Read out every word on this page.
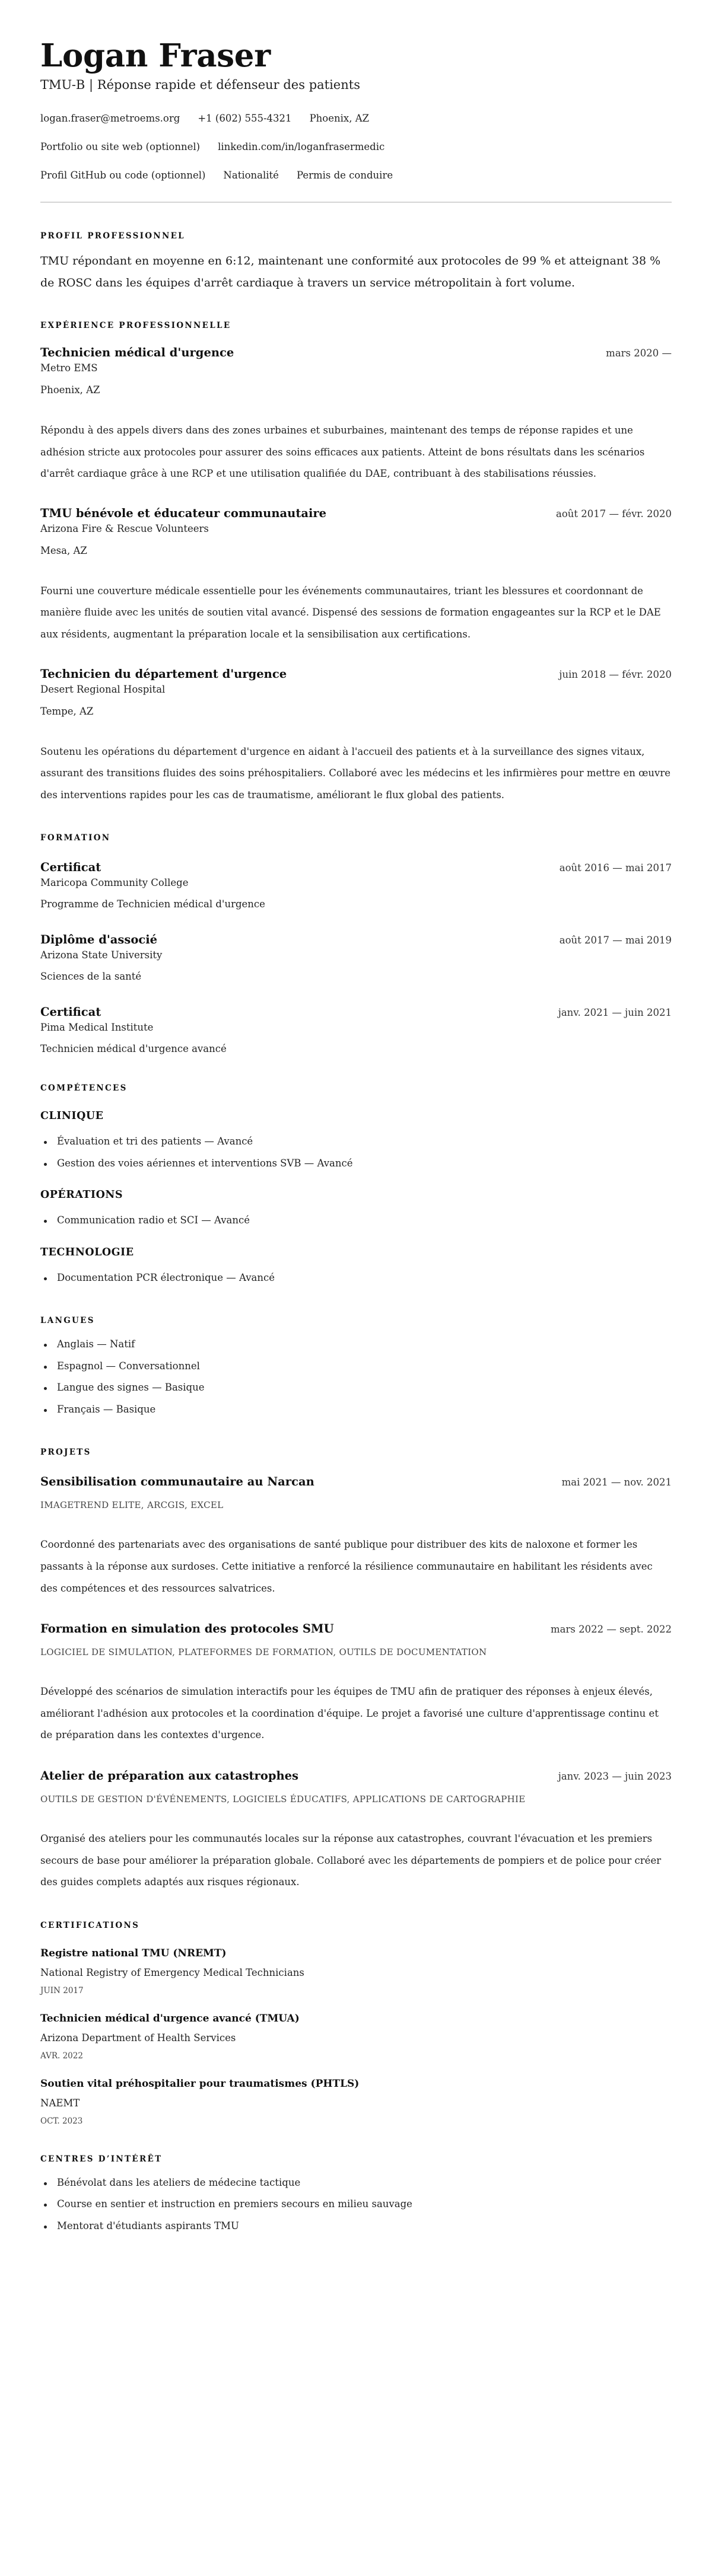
Logan Fraser
TMU-B | Réponse rapide et défenseur des patients
logan.fraser@metroems.org +1 (602) 555-4321 Phoenix, AZ
Portfolio ou site web (optionnel) linkedin.com/in/loganfrasermedic
Profil GitHub ou code (optionnel) Nationalité Permis de conduire
PROFIL PROFESSIONNEL

TMU répondant en moyenne en 6:12, maintenant une conformité aux protocoles de 99 % et atteignant 38 % de ROSC dans les équipes d'arrêt cardiaque à travers un service métropolitain à fort volume.

EXPÉRIENCE PROFESSIONNELLE
Technicien médical d'urgence	mars 2020 —
Metro EMS
Phoenix, AZ

Répondu à des appels divers dans des zones urbaines et suburbaines, maintenant des temps de réponse rapides et une adhésion stricte aux protocoles pour assurer des soins efficaces aux patients. Atteint de bons résultats dans les scénarios d'arrêt cardiaque grâce à une RCP et une utilisation qualifiée du DAE, contribuant à des stabilisations réussies.

TMU bénévole et éducateur communautaire	août 2017 — févr. 2020
Arizona Fire & Rescue Volunteers
Mesa, AZ

Fourni une couverture médicale essentielle pour les événements communautaires, triant les blessures et coordonnant de manière fluide avec les unités de soutien vital avancé. Dispensé des sessions de formation engageantes sur la RCP et le DAE aux résidents, augmentant la préparation locale et la sensibilisation aux certifications.

Technicien du département d'urgence	juin 2018 — févr. 2020
Desert Regional Hospital
Tempe, AZ

Soutenu les opérations du département d'urgence en aidant à l'accueil des patients et à la surveillance des signes vitaux, assurant des transitions fluides des soins préhospitaliers. Collaboré avec les médecins et les infirmières pour mettre en œuvre des interventions rapides pour les cas de traumatisme, améliorant le flux global des patients.

FORMATION
Certificat	août 2016 — mai 2017
Maricopa Community College
Programme de Technicien médical d'urgence
Diplôme d'associé	août 2017 — mai 2019
Arizona State University
Sciences de la santé
Certificat	janv. 2021 — juin 2021
Pima Medical Institute
Technicien médical d'urgence avancé
COMPÉTENCES
CLINIQUE
Évaluation et tri des patients — Avancé
Gestion des voies aériennes et interventions SVB — Avancé
OPÉRATIONS
Communication radio et SCI — Avancé
TECHNOLOGIE
Documentation PCR électronique — Avancé
LANGUES
Anglais — Natif
Espagnol — Conversationnel
Langue des signes — Basique
Français — Basique
PROJETS
Sensibilisation communautaire au Narcan	mai 2021 — nov. 2021
IMAGETREND ELITE, ARCGIS, EXCEL

Coordonné des partenariats avec des organisations de santé publique pour distribuer des kits de naloxone et former les passants à la réponse aux surdoses. Cette initiative a renforcé la résilience communautaire en habilitant les résidents avec des compétences et des ressources salvatrices.

Formation en simulation des protocoles SMU	mars 2022 — sept. 2022
LOGICIEL DE SIMULATION, PLATEFORMES DE FORMATION, OUTILS DE DOCUMENTATION

Développé des scénarios de simulation interactifs pour les équipes de TMU afin de pratiquer des réponses à enjeux élevés, améliorant l'adhésion aux protocoles et la coordination d'équipe. Le projet a favorisé une culture d'apprentissage continu et de préparation dans les contextes d'urgence.

Atelier de préparation aux catastrophes	janv. 2023 — juin 2023
OUTILS DE GESTION D'ÉVÉNEMENTS, LOGICIELS ÉDUCATIFS, APPLICATIONS DE CARTOGRAPHIE

Organisé des ateliers pour les communautés locales sur la réponse aux catastrophes, couvrant l'évacuation et les premiers secours de base pour améliorer la préparation globale. Collaboré avec les départements de pompiers et de police pour créer des guides complets adaptés aux risques régionaux.

CERTIFICATIONS
Registre national TMU (NREMT)
National Registry of Emergency Medical Technicians
JUIN 2017
Technicien médical d'urgence avancé (TMUA)
Arizona Department of Health Services
AVR. 2022
Soutien vital préhospitalier pour traumatismes (PHTLS)
NAEMT
OCT. 2023
CENTRES D’INTÉRÊT
Bénévolat dans les ateliers de médecine tactique
Course en sentier et instruction en premiers secours en milieu sauvage
Mentorat d'étudiants aspirants TMU
